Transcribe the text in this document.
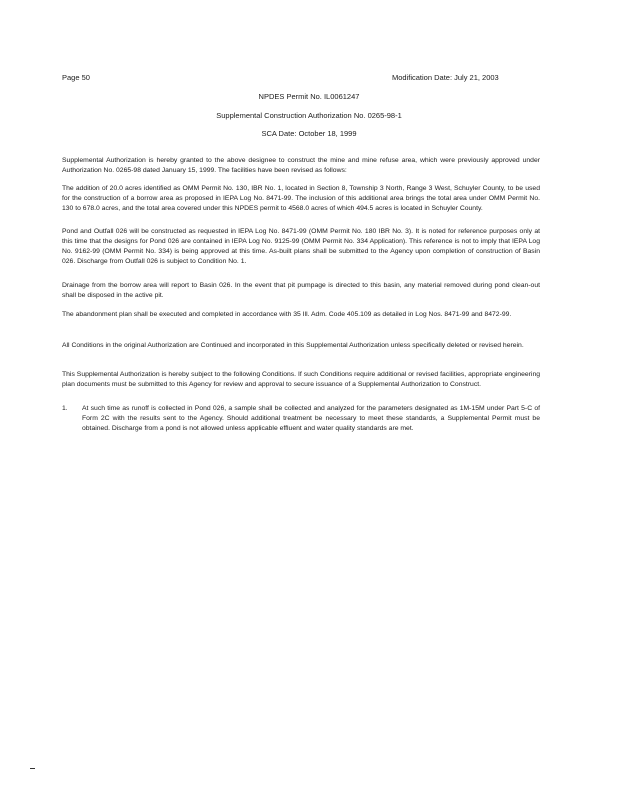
Page 50	Modification Date: July 21, 2003
NPDES Permit No. IL0061247
Supplemental Construction Authorization No. 0265-98-1
SCA Date: October 18, 1999

Supplemental Authorization is hereby granted to the above designee to construct the mine and mine refuse area, which were previously approved under Authorization No. 0265-98 dated January 15, 1999. The facilities have been revised as follows:

The addition of 20.0 acres identified as OMM Permit No. 130, IBR No. 1, located in Section 8, Township 3 North, Range 3 West, Schuyler County, to be used for the construction of a borrow area as proposed in IEPA Log No. 8471-99. The inclusion of this additional area brings the total area under OMM Permit No. 130 to 678.0 acres, and the total area covered under this NPDES permit to 4568.0 acres of which 494.5 acres is located in Schuyler County.

Pond and Outfall 026 will be constructed as requested in IEPA Log No. 8471-99 (OMM Permit No. 180 IBR No. 3). It is noted for reference purposes only at this time that the designs for Pond 026 are contained in IEPA Log No. 9125-99 (OMM Permit No. 334 Application). This reference is not to imply that IEPA Log No. 9162-99 (OMM Permit No. 334) is being approved at this time. As-built plans shall be submitted to the Agency upon completion of construction of Basin 026. Discharge from Outfall 026 is subject to Condition No. 1.

Drainage from the borrow area will report to Basin 026. In the event that pit pumpage is directed to this basin, any material removed during pond clean-out shall be disposed in the active pit.

The abandonment plan shall be executed and completed in accordance with 35 Ill. Adm. Code 405.109 as detailed in Log Nos. 8471-99 and 8472-99.

All Conditions in the original Authorization are Continued and incorporated in this Supplemental Authorization unless specifically deleted or revised herein.

This Supplemental Authorization is hereby subject to the following Conditions. If such Conditions require additional or revised facilities, appropriate engineering plan documents must be submitted to this Agency for review and approval to secure issuance of a Supplemental Authorization to Construct.

1. At such time as runoff is collected in Pond 026, a sample shall be collected and analyzed for the parameters designated as 1M-15M under Part 5-C of Form 2C with the results sent to the Agency. Should additional treatment be necessary to meet these standards, a Supplemental Permit must be obtained. Discharge from a pond is not allowed unless applicable effluent and water quality standards are met.
